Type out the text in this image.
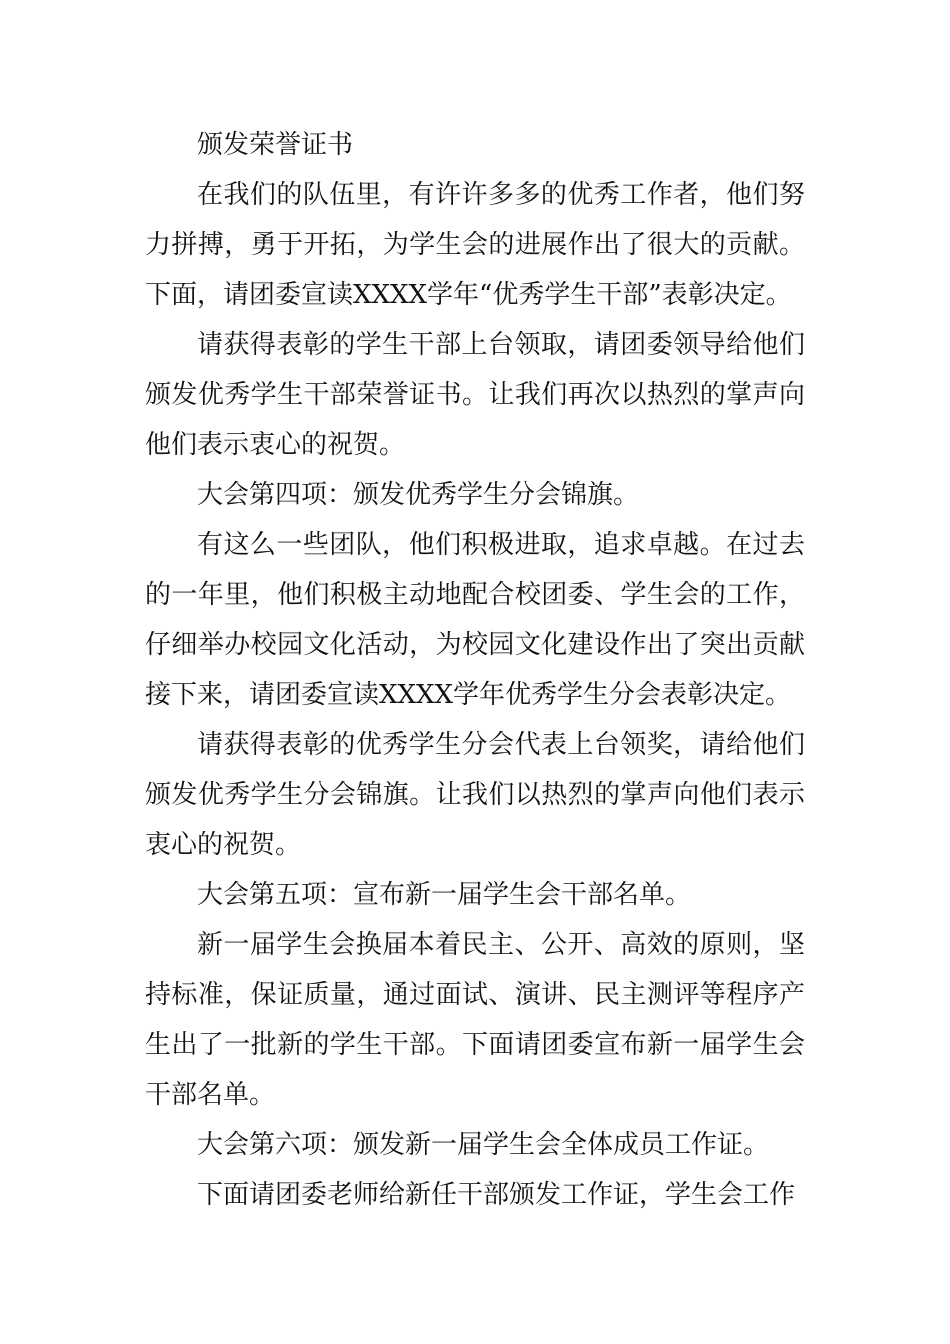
颁发荣誉证书

在我们的队伍里，有许许多多的优秀工作者，他们努力拼搏，勇于开拓，为学生会的进展作出了很大的贡献。下面，请团委宣读XXXX学年“优秀学生干部”表彰决定。

请获得表彰的学生干部上台领取，请团委领导给他们颁发优秀学生干部荣誉证书。让我们再次以热烈的掌声向他们表示衷心的祝贺。

大会第四项：颁发优秀学生分会锦旗。

有这么一些团队，他们积极进取，追求卓越。在过去的一年里，他们积极主动地配合校团委、学生会的工作，仔细举办校园文化活动，为校园文化建设作出了突出贡献接下来，请团委宣读XXXX学年优秀学生分会表彰决定。

请获得表彰的优秀学生分会代表上台领奖，请给他们颁发优秀学生分会锦旗。让我们以热烈的掌声向他们表示衷心的祝贺。

大会第五项：宣布新一届学生会干部名单。

新一届学生会换届本着民主、公开、高效的原则，坚持标准，保证质量，通过面试、演讲、民主测评等程序产生出了一批新的学生干部。下面请团委宣布新一届学生会干部名单。

大会第六项：颁发新一届学生会全体成员工作证。

下面请团委老师给新任干部颁发工作证，学生会工作
